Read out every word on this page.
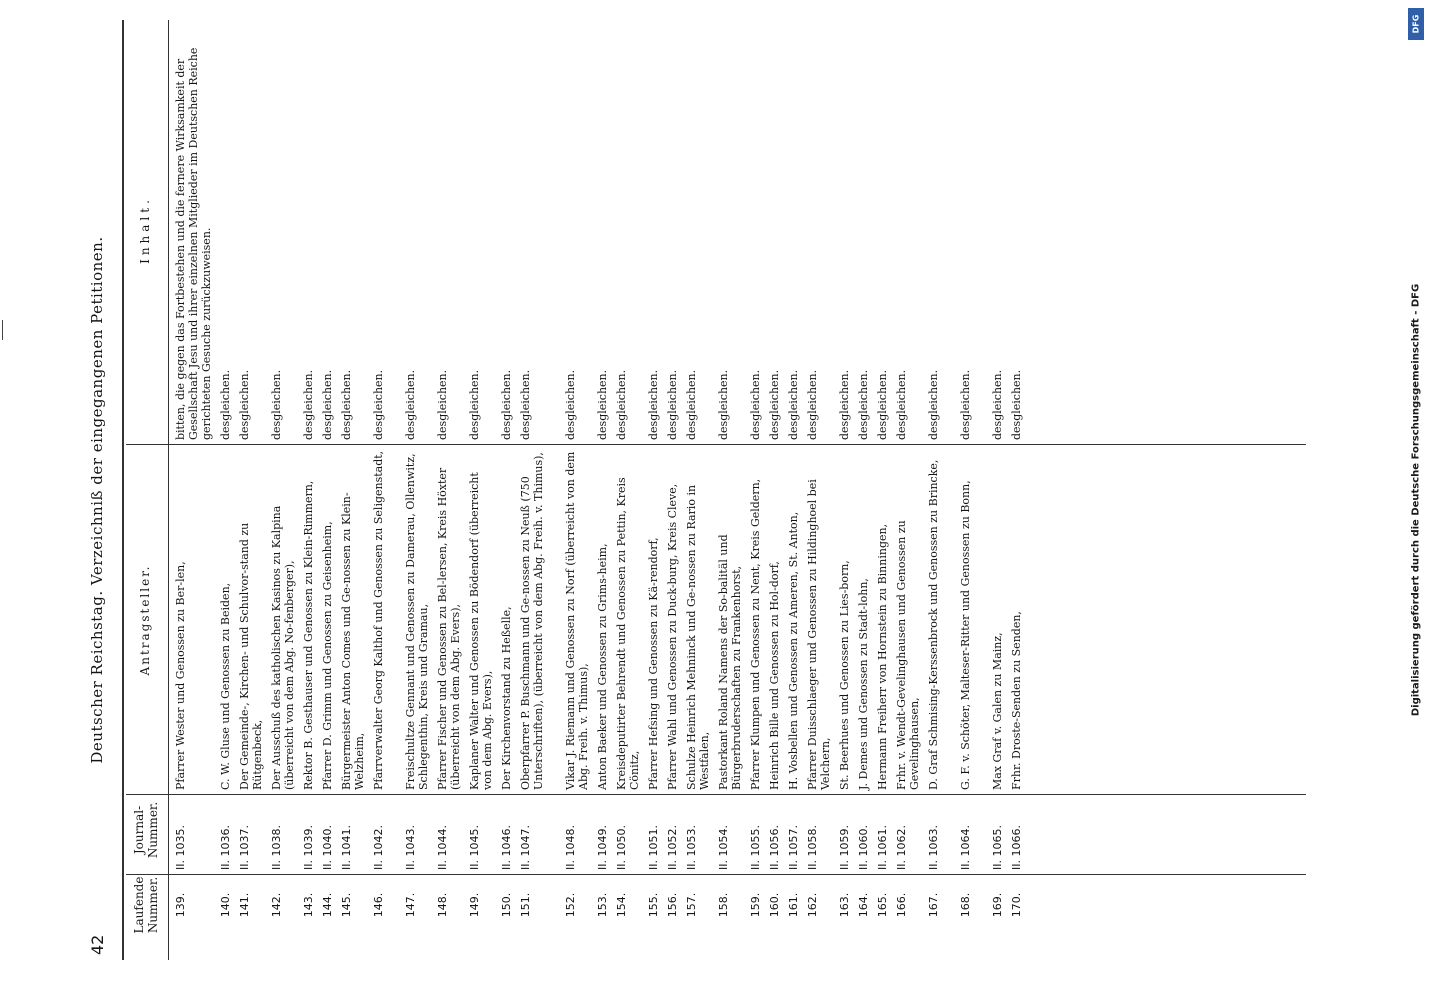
42
Deutscher Reichstag. Verzeichniß der eingegangenen Petitionen.
Laufende Nummer.
Journal-Nummer.
Antragsteller.
Inhalt.
139.
II. 1035.
Pfarrer Wester und Genossen zu Ber-len,
bitten, die gegen das Fortbestehen und die fernere Wirksamkeit der Gesellschaft Jesu und ihrer einzelnen Mitglieder im Deutschen Reiche gerichteten Gesuche zurückzuweisen.
140.
II. 1036.
C. W. Gluse und Genossen zu Beiden,
desgleichen.
141.
II. 1037.
Der Gemeinde-, Kirchen- und Schulvor-stand zu Rütgenbeck,
desgleichen.
142.
II. 1038.
Der Ausschuß des katholischen Kasinos zu Kalpina (überreicht von dem Abg. No-fenberger),
desgleichen.
143.
II. 1039.
Rektor B. Gesthauser und Genossen zu Klein-Rimmern,
desgleichen.
144.
II. 1040.
Pfarrer D. Grimm und Genossen zu Geisenheim,
desgleichen.
145.
II. 1041.
Bürgermeister Anton Comes und Ge-nossen zu Klein-Welzheim,
desgleichen.
146.
II. 1042.
Pfarrverwalter Georg Kalthof und Genossen zu Seligenstadt,
desgleichen.
147.
II. 1043.
Freischultze Gennant und Genossen zu Damerau, Ollenwitz, Schlegenthin, Kreis und Gramau,
desgleichen.
148.
II. 1044.
Pfarrer Fischer und Genossen zu Bel-lersen, Kreis Höxter (überreicht von dem Abg. Evers),
desgleichen.
149.
II. 1045.
Kaplaner Walter und Genossen zu Bödendorf (überreicht von dem Abg. Evers),
desgleichen.
150.
II. 1046.
Der Kirchenvorstand zu Heßelle,
desgleichen.
151.
II. 1047.
Oberpfarrer P. Buschmann und Ge-nossen zu Neuß (750 Unterschriften), (überreicht von dem Abg. Freih. v. Thimus),
desgleichen.
152.
II. 1048.
Vikar J. Riemann und Genossen zu Norf (überreicht von dem Abg. Freih. v. Thimus),
desgleichen.
153.
II. 1049.
Anton Baeker und Genossen zu Grims-heim,
desgleichen.
154.
II. 1050.
Kreisdeputirter Behrendt und Genossen zu Pettin, Kreis Cönitz,
desgleichen.
155.
II. 1051.
Pfarrer Hefsing und Genossen zu Kä-rendorf,
desgleichen.
156.
II. 1052.
Pfarrer Wahl und Genossen zu Duck-burg, Kreis Cleve,
desgleichen.
157.
II. 1053.
Schulze Heinrich Mehninck und Ge-nossen zu Rario in Westfalen,
desgleichen.
158.
II. 1054.
Pastorkant Roland Namens der So-balitäl und Bürgerbruderschaften zu Frankenhorst,
desgleichen.
159.
II. 1055.
Pfarrer Klumpen und Genossen zu Nent, Kreis Geldern,
desgleichen.
160.
II. 1056.
Heinrich Bille und Genossen zu Hol-dorf,
desgleichen.
161.
II. 1057.
H. Vosbellen und Genossen zu Ameren, St. Anton,
desgleichen.
162.
II. 1058.
Pfarrer Duisschlaeger und Genossen zu Hildinghoel bei Velchern,
desgleichen.
163.
II. 1059.
St. Beerhues und Genossen zu Lies-born,
desgleichen.
164.
II. 1060.
J. Demes und Genossen zu Stadt-lohn,
desgleichen.
165.
II. 1061.
Hermann Freiherr von Hornstein zu Binningen,
desgleichen.
166.
II. 1062.
Frhr. v. Wendt-Gevelinghausen und Genossen zu Gevelinghausen,
desgleichen.
167.
II. 1063.
D. Graf Schmising-Kerssenbrock und Genossen zu Brincke,
desgleichen.
168.
II. 1064.
G. F. v. Schöter, Malteser-Ritter und Genossen zu Bonn,
desgleichen.
169.
II. 1065.
Max Graf v. Galen zu Mainz,
desgleichen.
170.
II. 1066.
Frhr. Droste-Senden zu Senden,
desgleichen.
DFG
Digitalisierung gefördert durch die Deutsche Forschungsgemeinschaft - DFG
